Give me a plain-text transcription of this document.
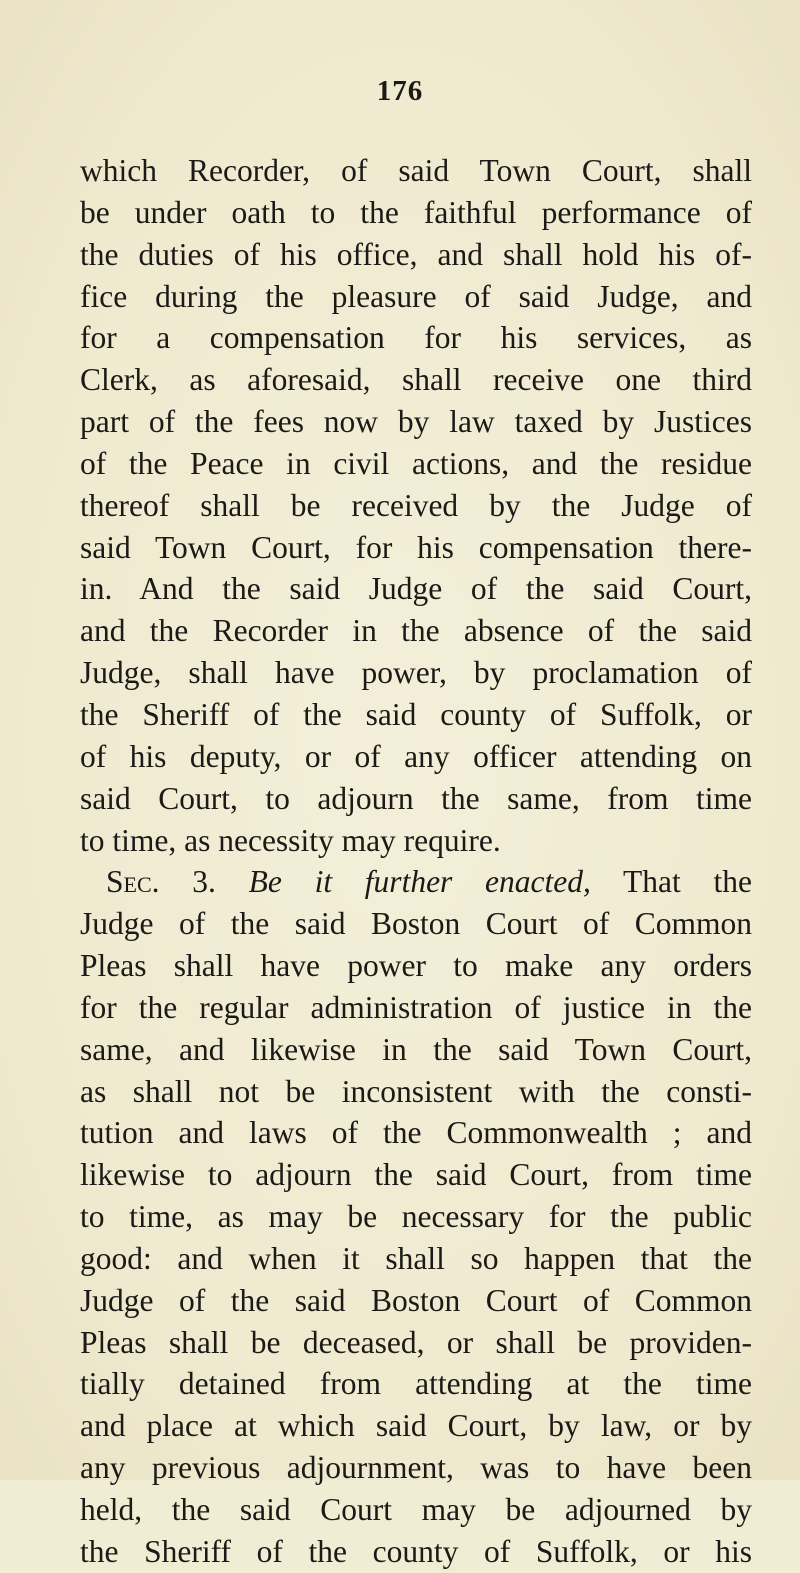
176
which Recorder, of said Town Court, shall
be under oath to the faithful performance of
the duties of his office, and shall hold his of-
fice during the pleasure of said Judge, and
for a compensation for his services, as
Clerk, as aforesaid, shall receive one third
part of the fees now by law taxed by Justices
of the Peace in civil actions, and the residue
thereof shall be received by the Judge of
said Town Court, for his compensation there-
in. And the said Judge of the said Court,
and the Recorder in the absence of the said
Judge, shall have power, by proclamation of
the Sheriff of the said county of Suffolk, or
of his deputy, or of any officer attending on
said Court, to adjourn the same, from time
to time, as necessity may require.
Sec. 3. Be it further enacted, That the
Judge of the said Boston Court of Common
Pleas shall have power to make any orders
for the regular administration of justice in the
same, and likewise in the said Town Court,
as shall not be inconsistent with the consti-
tution and laws of the Commonwealth ; and
likewise to adjourn the said Court, from time
to time, as may be necessary for the public
good: and when it shall so happen that the
Judge of the said Boston Court of Common
Pleas shall be deceased, or shall be providen-
tially detained from attending at the time
and place at which said Court, by law, or by
any previous adjournment, was to have been
held, the said Court may be adjourned by
the Sheriff of the county of Suffolk, or his
